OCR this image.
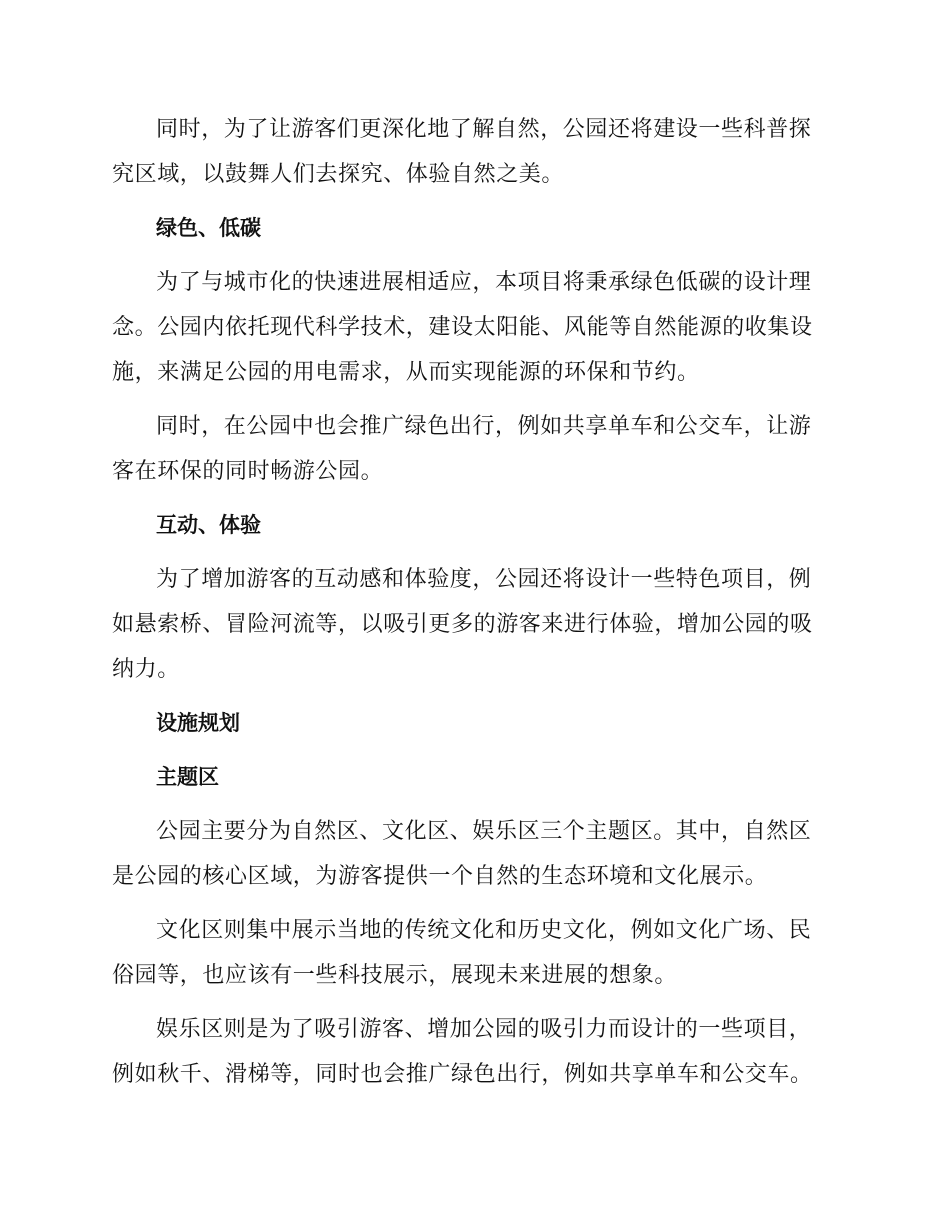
同时，为了让游客们更深化地了解自然，公园还将建设一些科普探究区域，以鼓舞人们去探究、体验自然之美。

绿色、低碳

为了与城市化的快速进展相适应，本项目将秉承绿色低碳的设计理念。公园内依托现代科学技术，建设太阳能、风能等自然能源的收集设施，来满足公园的用电需求，从而实现能源的环保和节约。

同时，在公园中也会推广绿色出行，例如共享单车和公交车，让游客在环保的同时畅游公园。

互动、体验

为了增加游客的互动感和体验度，公园还将设计一些特色项目，例如悬索桥、冒险河流等，以吸引更多的游客来进行体验，增加公园的吸纳力。

设施规划

主题区

公园主要分为自然区、文化区、娱乐区三个主题区。其中，自然区是公园的核心区域，为游客提供一个自然的生态环境和文化展示。

文化区则集中展示当地的传统文化和历史文化，例如文化广场、民俗园等，也应该有一些科技展示，展现未来进展的想象。

娱乐区则是为了吸引游客、增加公园的吸引力而设计的一些项目，例如秋千、滑梯等，同时也会推广绿色出行，例如共享单车和公交车。
